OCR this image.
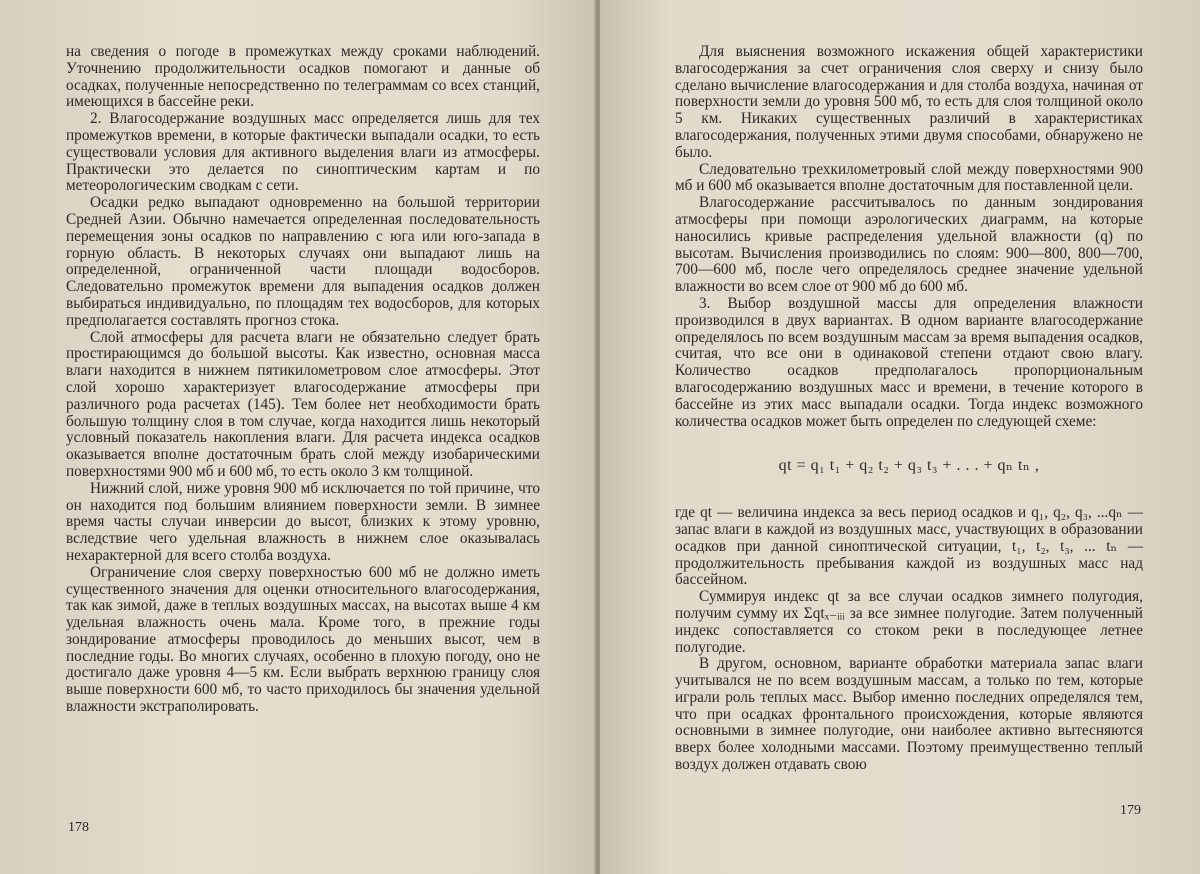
на сведения о погоде в промежутках между сроками наблюдений. Уточнению продолжительности осадков помогают и данные об осадках, полученные непосредственно по телеграммам со всех станций, имеющихся в бассейне реки.

2. Влагосодержание воздушных масс определяется лишь для тех промежутков времени, в которые фактически выпадали осадки, то есть существовали условия для активного выделения влаги из атмосферы. Практически это делается по синоптическим картам и по метеорологическим сводкам с сети.

Осадки редко выпадают одновременно на большой территории Средней Азии. Обычно намечается определенная последовательность перемещения зоны осадков по направлению с юга или юго-запада в горную область. В некоторых случаях они выпадают лишь на определенной, ограниченной части площади водосборов. Следовательно промежуток времени для выпадения осадков должен выбираться индивидуально, по площадям тех водосборов, для которых предполагается составлять прогноз стока.

Слой атмосферы для расчета влаги не обязательно следует брать простирающимся до большой высоты. Как известно, основная масса влаги находится в нижнем пятикилометровом слое атмосферы. Этот слой хорошо характеризует влагосодержание атмосферы при различного рода расчетах (145). Тем более нет необходимости брать большую толщину слоя в том случае, когда находится лишь некоторый условный показатель накопления влаги. Для расчета индекса осадков оказывается вполне достаточным брать слой между изобарическими поверхностями 900 мб и 600 мб, то есть около 3 км толщиной.

Нижний слой, ниже уровня 900 мб исключается по той причине, что он находится под большим влиянием поверхности земли. В зимнее время часты случаи инверсии до высот, близких к этому уровню, вследствие чего удельная влажность в нижнем слое оказывалась нехарактерной для всего столба воздуха.

Ограничение слоя сверху поверхностью 600 мб не должно иметь существенного значения для оценки относительного влагосодержания, так как зимой, даже в теплых воздушных массах, на высотах выше 4 км удельная влажность очень мала. Кроме того, в прежние годы зондирование атмосферы проводилось до меньших высот, чем в последние годы. Во многих случаях, особенно в плохую погоду, оно не достигало даже уровня 4—5 км. Если выбрать верхнюю границу слоя выше поверхности 600 мб, то часто приходилось бы значения удельной влажности экстраполировать.

178

Для выяснения возможного искажения общей характеристики влагосодержания за счет ограничения слоя сверху и снизу было сделано вычисление влагосодержания и для столба воздуха, начиная от поверхности земли до уровня 500 мб, то есть для слоя толщиной около 5 км. Никаких существенных различий в характеристиках влагосодержания, полученных этими двумя способами, обнаружено не было.

Следовательно трехкилометровый слой между поверхностями 900 мб и 600 мб оказывается вполне достаточным для поставленной цели.

Влагосодержание рассчитывалось по данным зондирования атмосферы при помощи аэрологических диаграмм, на которые наносились кривые распределения удельной влажности (q) по высотам. Вычисления производились по слоям: 900—800, 800—700, 700—600 мб, после чего определялось среднее значение удельной влажности во всем слое от 900 мб до 600 мб.

3. Выбор воздушной массы для определения влажности производился в двух вариантах. В одном варианте влагосодержание определялось по всем воздушным массам за время выпадения осадков, считая, что все они в одинаковой степени отдают свою влагу. Количество осадков предполагалось пропорциональным влагосодержанию воздушных масс и времени, в течение которого в бассейне из этих масс выпадали осадки. Тогда индекс возможного количества осадков может быть определен по следующей схеме:

qt = q₁ t₁ + q₂ t₂ + q₃ t₃ + . . . + qₙ tₙ ,

где qt — величина индекса за весь период осадков и q₁, q₂, q₃, ...qₙ — запас влаги в каждой из воздушных масс, участвующих в образовании осадков при данной синоптической ситуации, t₁, t₂, t₃, ... tₙ — продолжительность пребывания каждой из воздушных масс над бассейном.

Суммируя индекс qt за все случаи осадков зимнего полугодия, получим сумму их Σqtₓ₋ᵢᵢᵢ за все зимнее полугодие. Затем полученный индекс сопоставляется со стоком реки в последующее летнее полугодие.

В другом, основном, варианте обработки материала запас влаги учитывался не по всем воздушным массам, а только по тем, которые играли роль теплых масс. Выбор именно последних определялся тем, что при осадках фронтального происхождения, которые являются основными в зимнее полугодие, они наиболее активно вытесняются вверх более холодными массами. Поэтому преимущественно теплый воздух должен отдавать свою

179
